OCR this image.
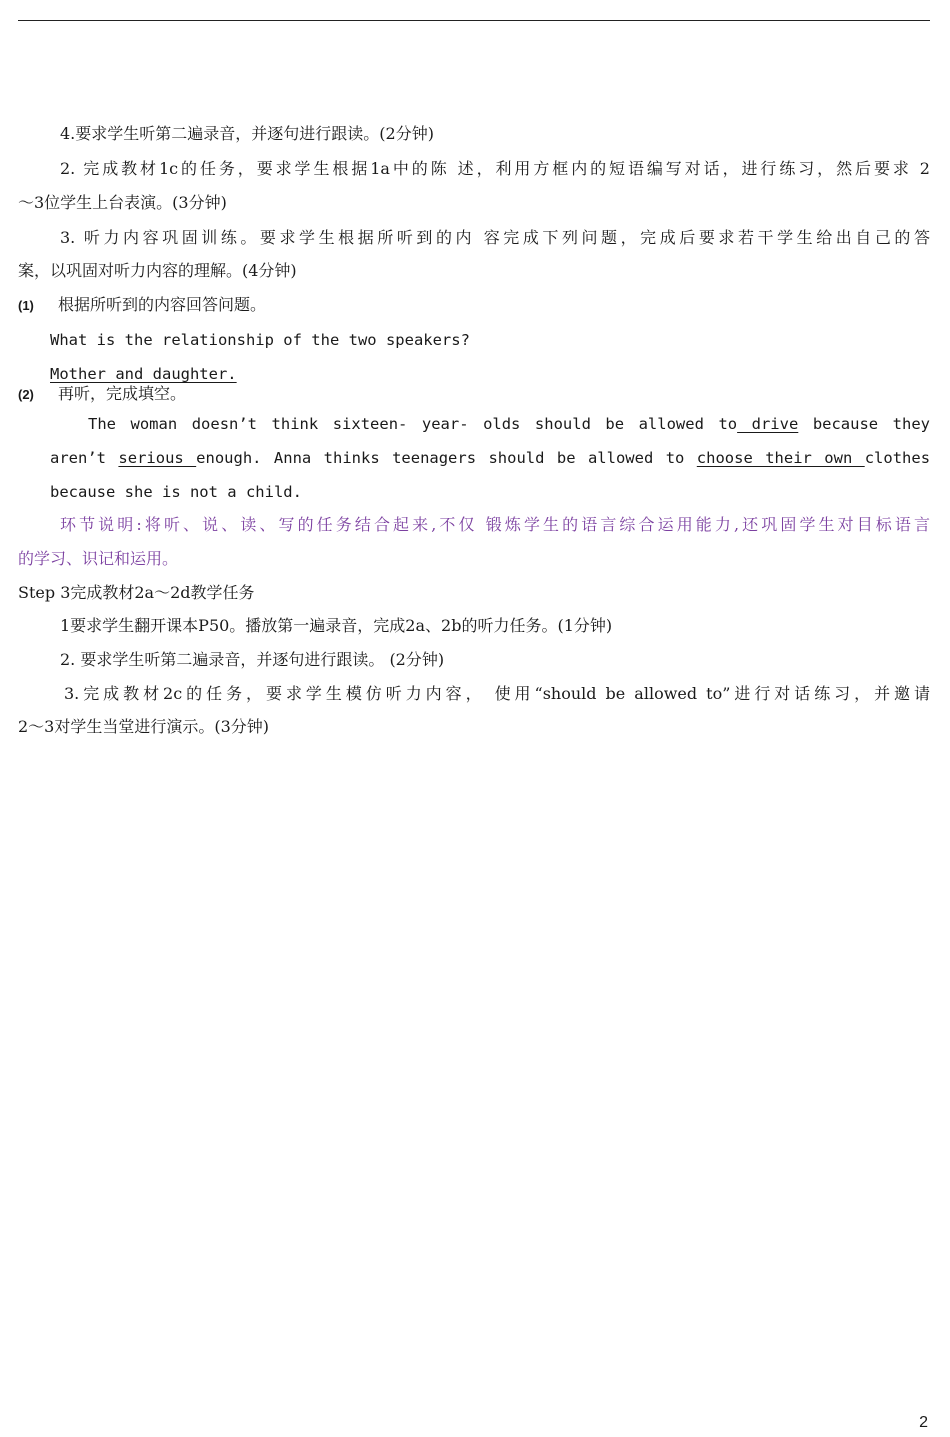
4.要求学生听第二遍录音，并逐句进行跟读。(2分钟)
2. 完成教材1c的任务，要求学生根据1a中的陈 述，利用方框内的短语编写对话，进行练习，然后要求 2
〜3位学生上台表演。(3分钟)
3. 听力内容巩固训练。要求学生根据所听到的内 容完成下列问题，完成后要求若干学生给出自己的答
案，以巩固对听力内容的理解。(4分钟)
(1) 根据所听到的内容回答问题。
What is the relationship of the two speakers?
Mother and daughter.
(2) 再听，完成填空。
The woman doesn’t think sixteen- year- olds should be allowed to drive because they
aren’t serious enough. Anna thinks teenagers should be allowed to choose their own clothes
because she is not a child.
环节说明:将听、说、读、写的任务结合起来,不仅 锻炼学生的语言综合运用能力,还巩固学生对目标语言
的学习、识记和运用。
Step 3完成教材2a〜2d教学任务
1要求学生翻开课本P50。播放第一遍录音，完成2a、2b的听力任务。(1分钟)
2. 要求学生听第二遍录音，并逐句进行跟读。 (2分钟)
3.完成教材2c的任务，要求学生模仿听力内容， 使用“should be allowed to”进行对话练习，并邀请
2〜3对学生当堂进行演示。(3分钟)
2
